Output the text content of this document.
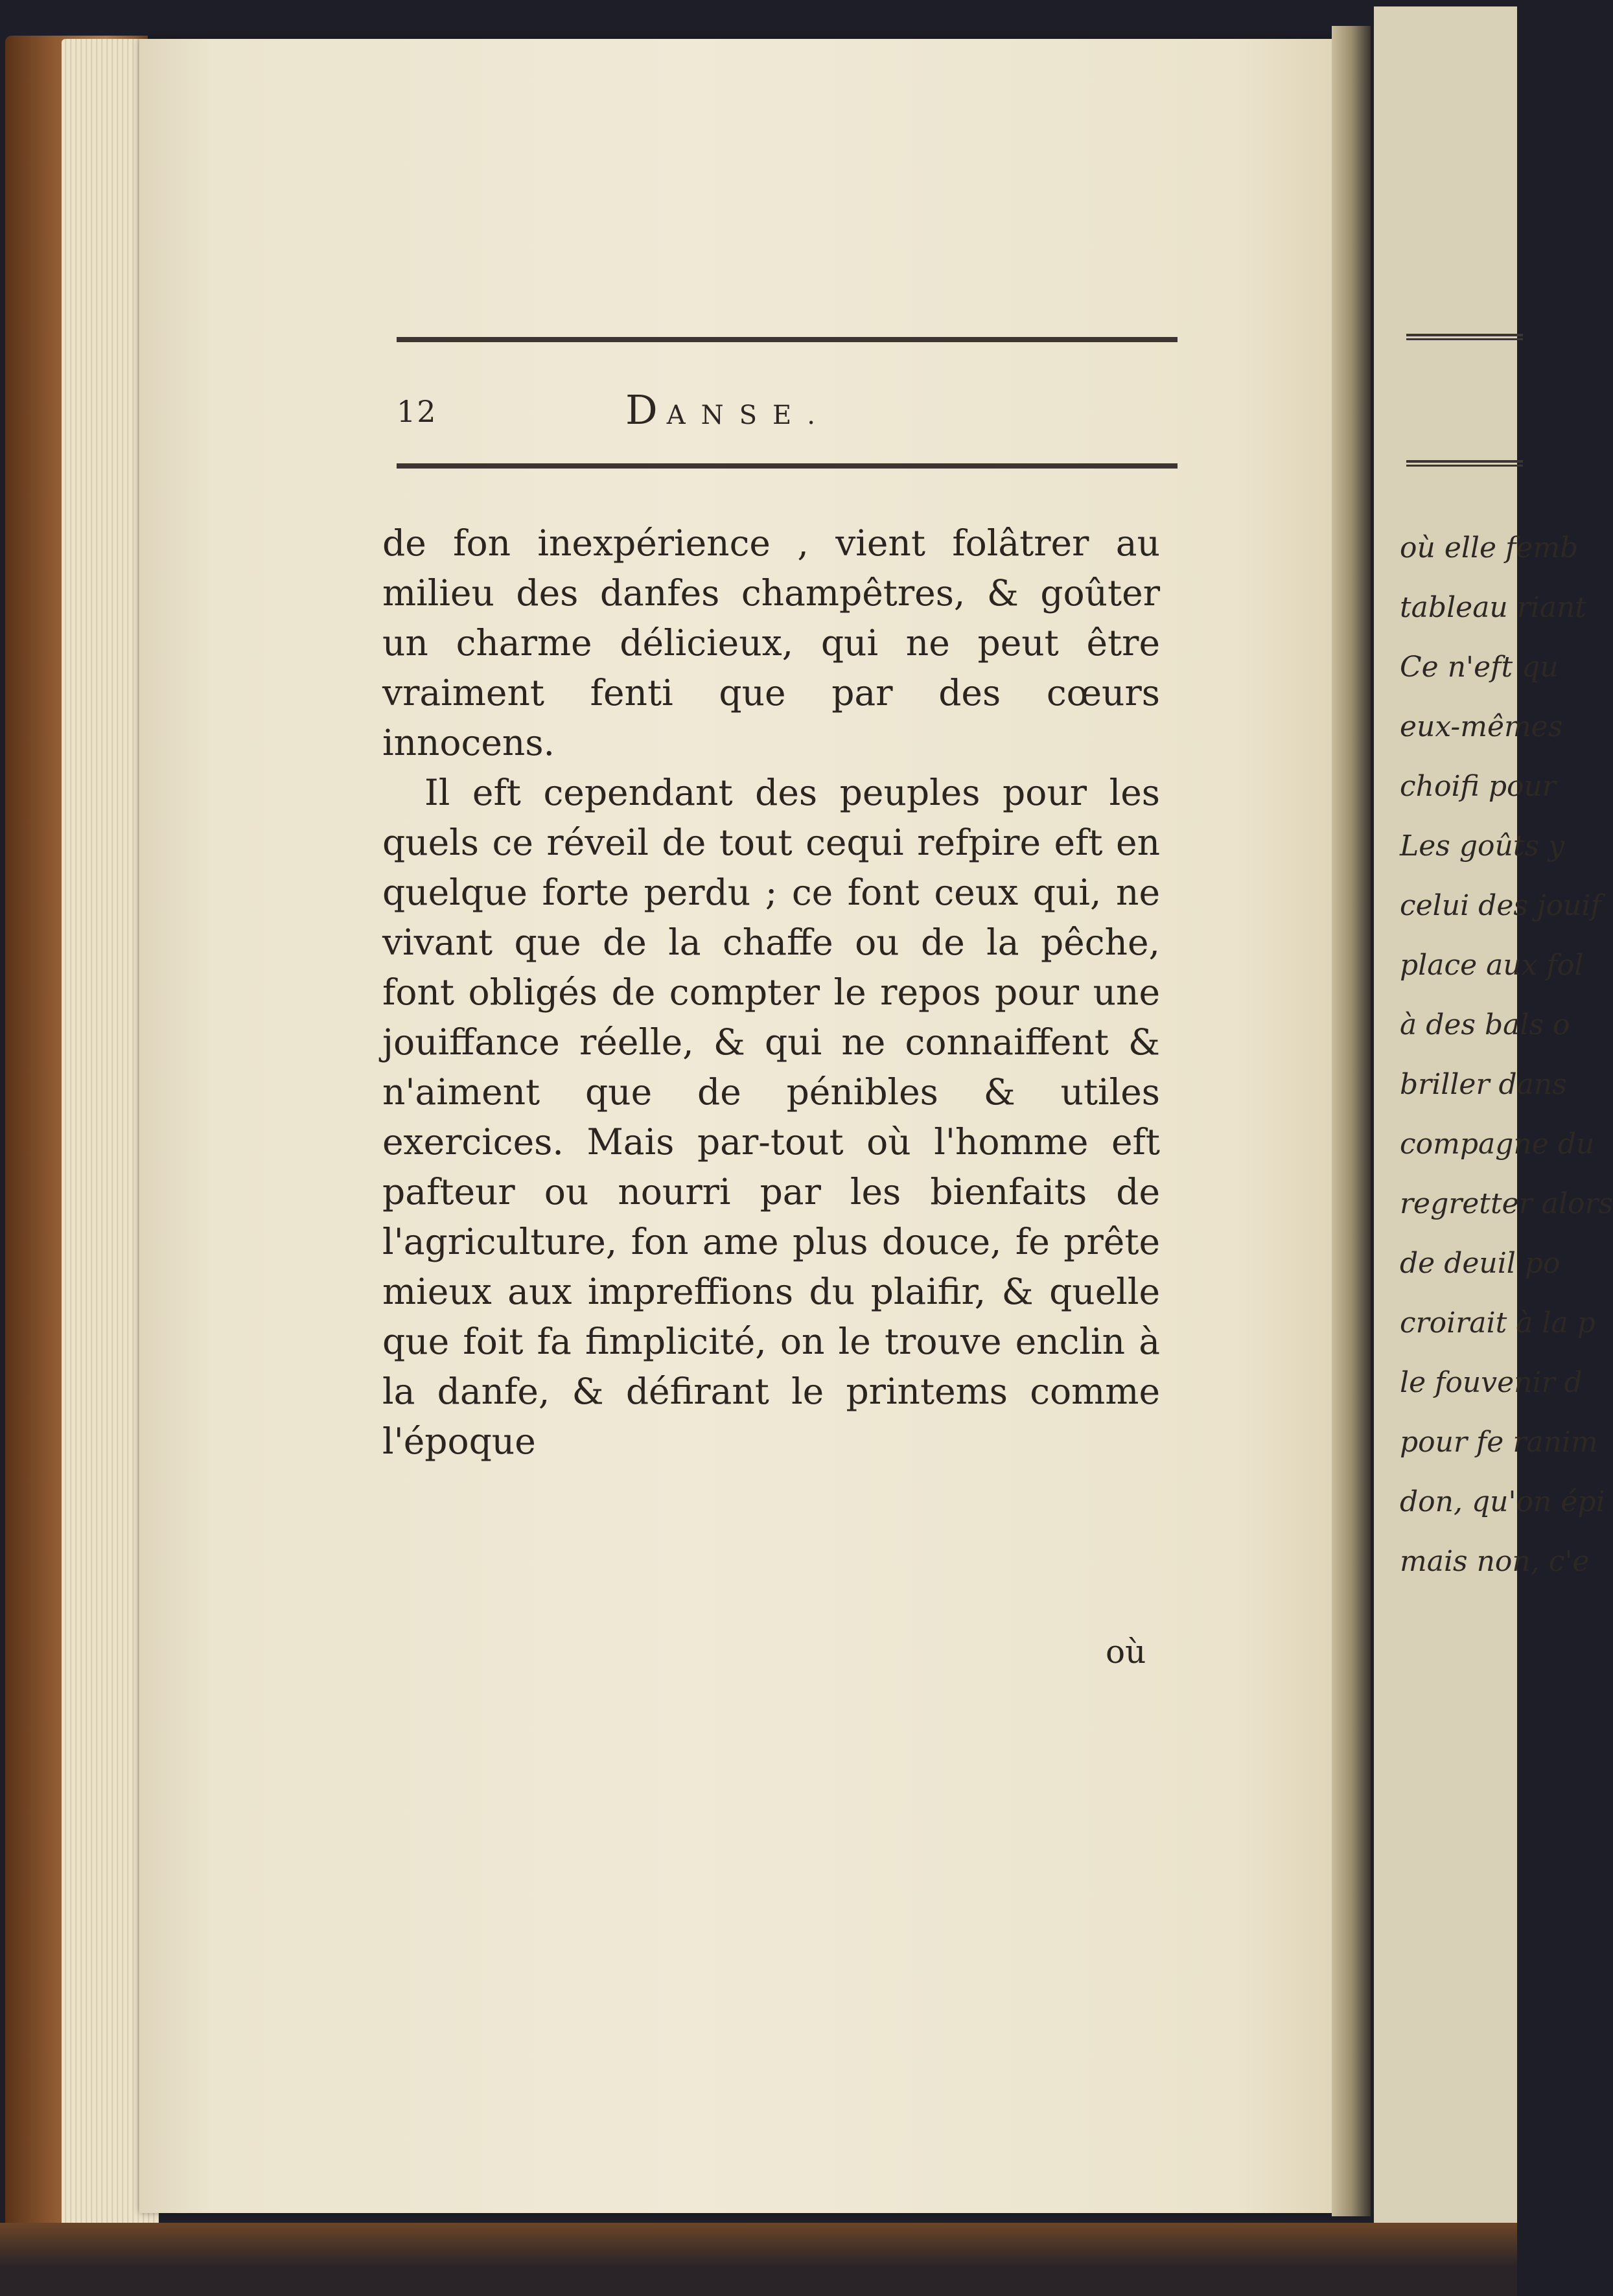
12	DANSE.

de fon inexpérience , vient folâtrer au milieu des danfes champêtres, & goûter un charme délicieux, qui ne peut être vraiment fenti que par des cœurs innocens.

Il eft cependant des peuples pour les quels ce réveil de tout cequi refpire eft en quelque forte perdu ; ce font ceux qui, ne vivant que de la chaffe ou de la pêche, font obligés de compter le repos pour une jouiffance réelle, & qui ne connaiffent & n'aiment que de pénibles & utiles exercices. Mais par-tout où l'homme eft pafteur ou nourri par les bienfaits de l'agriculture, fon ame plus douce, fe prête mieux aux impreffions du plaifir, & quelle que foit fa fimplicité, on le trouve enclin à la danfe, & défirant le printems comme l'époque

où
où elle femb
tableau riant
Ce n'eft qu
eux-mêmes
choifi pour
Les goûts y
celui des jouif
place aux fol
à des bals o
briller dans
compagne du
regretter alors
de deuil po
croirait à la p
le fouvenir d
pour fe ranim
don, qu'on épi
mais non, c'e
